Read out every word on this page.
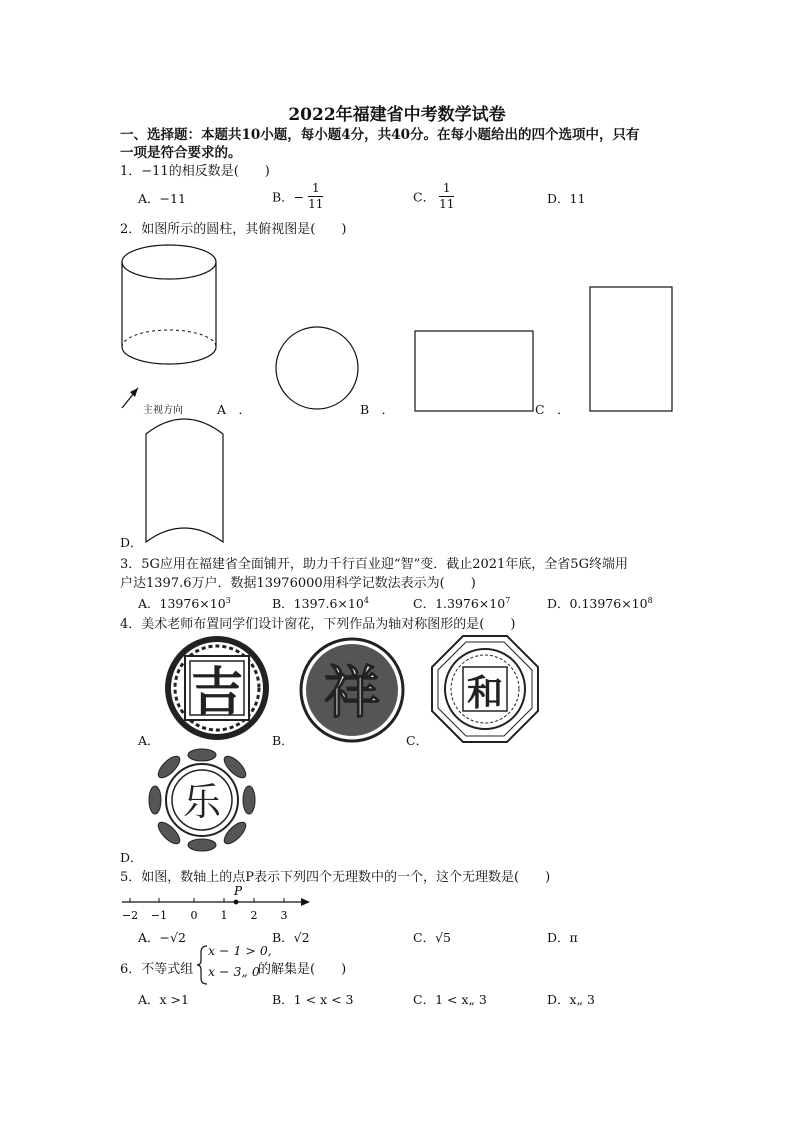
2022年福建省中考数学试卷
一、选择题：本题共10小题，每小题4分，共40分。在每小题给出的四个选项中，只有
一项是符合要求的。
1．−11的相反数是(　　)
A．−11	B．− $\frac{1}{11}$	C． $\frac{1}{11}$	D．11
2．如图所示的圆柱，其俯视图是(　　)
主视方向	A　．	B　．	C　．
D．
3．5G应用在福建省全面铺开，助力千行百业迎“智”变．截止2021年底，全省5G终端用
户达1397.6万户．数据13976000用科学记数法表示为(　　)
A．$13976\times 10^3$	B．$1397.6\times 10^4$	C．$1.3976\times 10^7$	D．$0.13976\times 10^8$
4．美术老师布置同学们设计窗花，下列作品为轴对称图形的是(　　)
吉
A．
祥
B．
和
C．
乐
D．
5．如图，数轴上的点P表示下列四个无理数中的一个，这个无理数是(　　)
P
−2 −1 0 1 2 3
A．−√2	B．√2	C．√5	D．π
6．不等式组
x − 1 > 0,
x − 3„ 0
的解集是(　　)
A．x >1	B．1 < x < 3	C．1 < x„ 3	D．x„ 3
